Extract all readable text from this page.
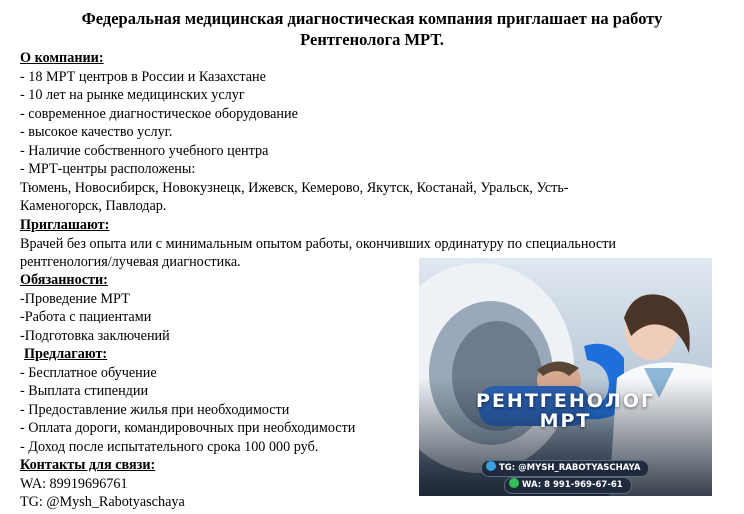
Федеральная медицинская диагностическая компания приглашает на работу
Рентгенолога МРТ.
О компании:
- 18 МРТ центров в России и Казахстане
- 10 лет на рынке медицинских услуг
- современное диагностическое оборудование
- высокое качество услуг.
- Наличие собственного учебного центра
- МРТ-центры расположены:
Тюмень, Новосибирск, Новокузнецк, Ижевск, Кемерово, Якутск, Костанай, Уральск, Усть-
Каменогорск, Павлодар.
Приглашают:
Врачей без опыта или с минимальным опытом работы, окончивших ординатуру по специальности
рентгенология/лучевая диагностика.
Обязанности:
-Проведение МРТ
-Работа с пациентами
-Подготовка заключений
Предлагают:
- Бесплатное обучение
- Выплата стипендии
- Предоставление жилья при необходимости
- Оплата дороги, командировочных при необходимости
- Доход после испытательного срока 100 000 руб.
Контакты для связи:
WA: 89919696761
TG: @Mysh_Rabotyaschaya
РЕНТГЕНОЛОГ
МРТ
TG: @MYSH_RABOTYASCHAYA
WA: 8 991-969-67-61
